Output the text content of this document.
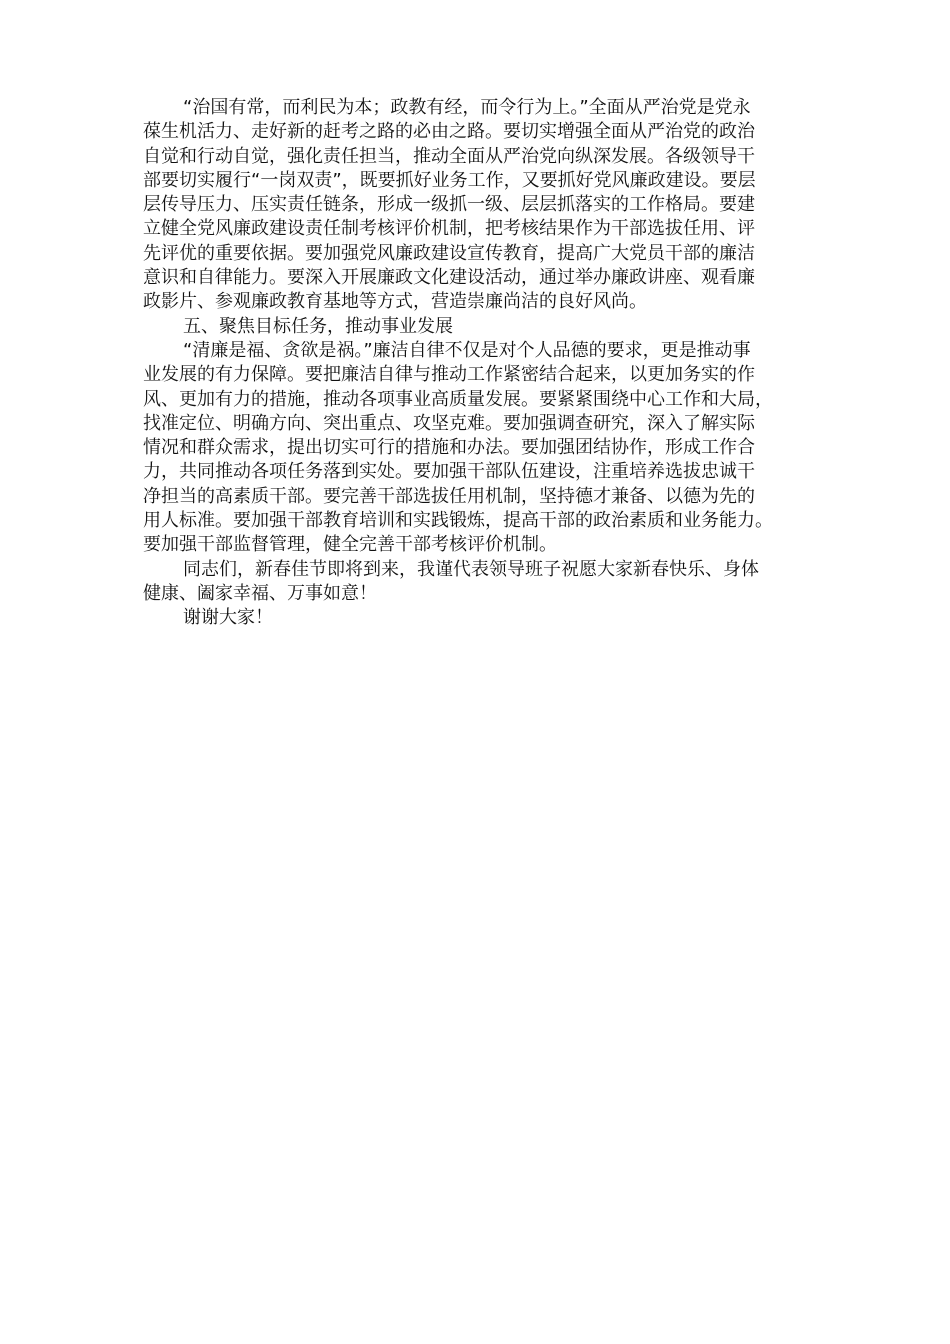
“治国有常，而利民为本；政教有经，而令行为上。”全面从严治党是党永

葆生机活力、走好新的赶考之路的必由之路。要切实增强全面从严治党的政治

自觉和行动自觉，强化责任担当，推动全面从严治党向纵深发展。各级领导干

部要切实履行“一岗双责”，既要抓好业务工作，又要抓好党风廉政建设。要层

层传导压力、压实责任链条，形成一级抓一级、层层抓落实的工作格局。要建

立健全党风廉政建设责任制考核评价机制，把考核结果作为干部选拔任用、评

先评优的重要依据。要加强党风廉政建设宣传教育，提高广大党员干部的廉洁

意识和自律能力。要深入开展廉政文化建设活动，通过举办廉政讲座、观看廉

政影片、参观廉政教育基地等方式，营造崇廉尚洁的良好风尚。

五、聚焦目标任务，推动事业发展

“清廉是福、贪欲是祸。”廉洁自律不仅是对个人品德的要求，更是推动事

业发展的有力保障。要把廉洁自律与推动工作紧密结合起来，以更加务实的作

风、更加有力的措施，推动各项事业高质量发展。要紧紧围绕中心工作和大局，

找准定位、明确方向、突出重点、攻坚克难。要加强调查研究，深入了解实际

情况和群众需求，提出切实可行的措施和办法。要加强团结协作，形成工作合

力，共同推动各项任务落到实处。要加强干部队伍建设，注重培养选拔忠诚干

净担当的高素质干部。要完善干部选拔任用机制，坚持德才兼备、以德为先的

用人标准。要加强干部教育培训和实践锻炼，提高干部的政治素质和业务能力。

要加强干部监督管理，健全完善干部考核评价机制。

同志们，新春佳节即将到来，我谨代表领导班子祝愿大家新春快乐、身体

健康、阖家幸福、万事如意！

谢谢大家！
